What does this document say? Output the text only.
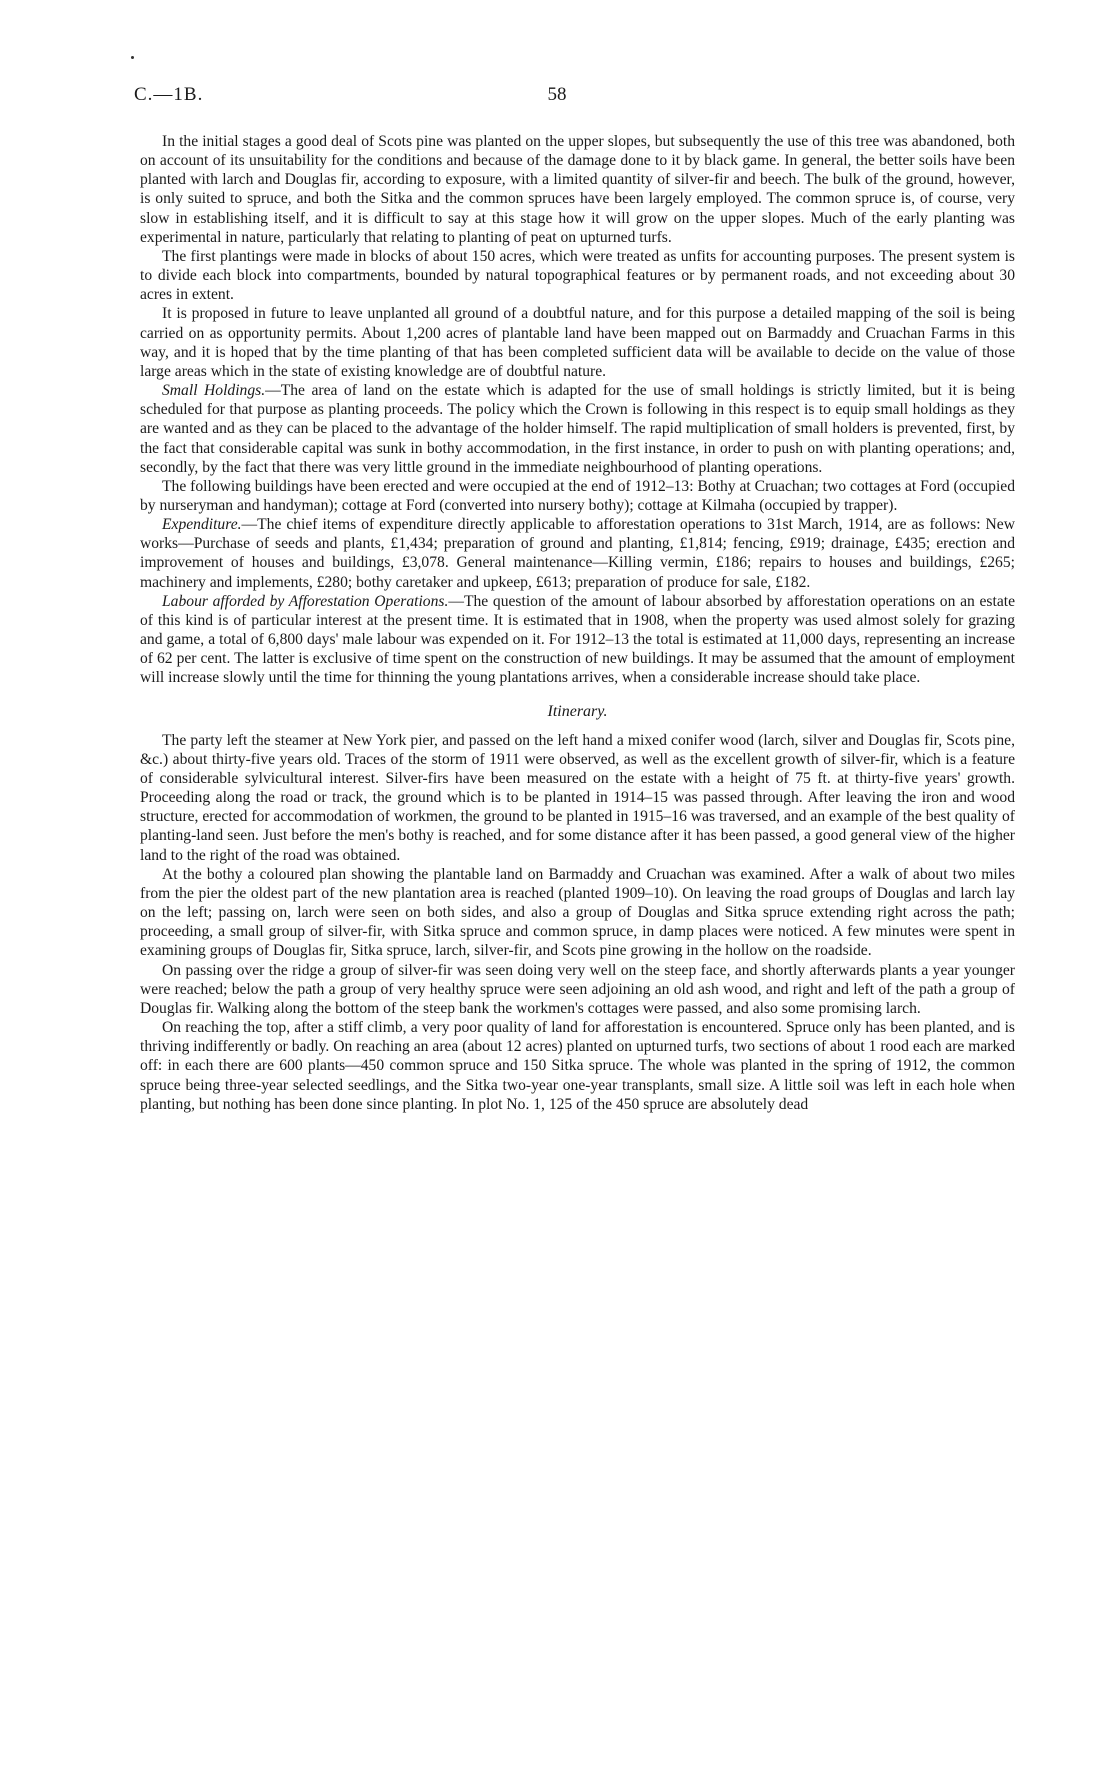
C.—1B.	58

In the initial stages a good deal of Scots pine was planted on the upper slopes, but subsequently the use of this tree was abandoned, both on account of its unsuitability for the conditions and because of the damage done to it by black game. In general, the better soils have been planted with larch and Douglas fir, according to exposure, with a limited quantity of silver-fir and beech. The bulk of the ground, however, is only suited to spruce, and both the Sitka and the common spruces have been largely employed. The common spruce is, of course, very slow in establishing itself, and it is difficult to say at this stage how it will grow on the upper slopes. Much of the early planting was experimental in nature, particularly that relating to planting of peat on upturned turfs.

The first plantings were made in blocks of about 150 acres, which were treated as unfits for accounting purposes. The present system is to divide each block into compartments, bounded by natural topographical features or by permanent roads, and not exceeding about 30 acres in extent.

It is proposed in future to leave unplanted all ground of a doubtful nature, and for this purpose a detailed mapping of the soil is being carried on as opportunity permits. About 1,200 acres of plantable land have been mapped out on Barmaddy and Cruachan Farms in this way, and it is hoped that by the time planting of that has been completed sufficient data will be available to decide on the value of those large areas which in the state of existing knowledge are of doubtful nature.

Small Holdings.—The area of land on the estate which is adapted for the use of small holdings is strictly limited, but it is being scheduled for that purpose as planting proceeds. The policy which the Crown is following in this respect is to equip small holdings as they are wanted and as they can be placed to the advantage of the holder himself. The rapid multiplication of small holders is prevented, first, by the fact that considerable capital was sunk in bothy accommodation, in the first instance, in order to push on with planting operations; and, secondly, by the fact that there was very little ground in the immediate neighbourhood of planting operations.

The following buildings have been erected and were occupied at the end of 1912–13: Bothy at Cruachan; two cottages at Ford (occupied by nurseryman and handyman); cottage at Ford (converted into nursery bothy); cottage at Kilmaha (occupied by trapper).

Expenditure.—The chief items of expenditure directly applicable to afforestation operations to 31st March, 1914, are as follows: New works—Purchase of seeds and plants, £1,434; preparation of ground and planting, £1,814; fencing, £919; drainage, £435; erection and improvement of houses and buildings, £3,078. General maintenance—Killing vermin, £186; repairs to houses and buildings, £265; machinery and implements, £280; bothy caretaker and upkeep, £613; preparation of produce for sale, £182.

Labour afforded by Afforestation Operations.—The question of the amount of labour absorbed by afforestation operations on an estate of this kind is of particular interest at the present time. It is estimated that in 1908, when the property was used almost solely for grazing and game, a total of 6,800 days' male labour was expended on it. For 1912–13 the total is estimated at 11,000 days, representing an increase of 62 per cent. The latter is exclusive of time spent on the construction of new buildings. It may be assumed that the amount of employment will increase slowly until the time for thinning the young plantations arrives, when a considerable increase should take place.

Itinerary.

The party left the steamer at New York pier, and passed on the left hand a mixed conifer wood (larch, silver and Douglas fir, Scots pine, &c.) about thirty-five years old. Traces of the storm of 1911 were observed, as well as the excellent growth of silver-fir, which is a feature of considerable sylvicultural interest. Silver-firs have been measured on the estate with a height of 75 ft. at thirty-five years' growth. Proceeding along the road or track, the ground which is to be planted in 1914–15 was passed through. After leaving the iron and wood structure, erected for accommodation of workmen, the ground to be planted in 1915–16 was traversed, and an example of the best quality of planting-land seen. Just before the men's bothy is reached, and for some distance after it has been passed, a good general view of the higher land to the right of the road was obtained.

At the bothy a coloured plan showing the plantable land on Barmaddy and Cruachan was examined. After a walk of about two miles from the pier the oldest part of the new plantation area is reached (planted 1909–10). On leaving the road groups of Douglas and larch lay on the left; passing on, larch were seen on both sides, and also a group of Douglas and Sitka spruce extending right across the path; proceeding, a small group of silver-fir, with Sitka spruce and common spruce, in damp places were noticed. A few minutes were spent in examining groups of Douglas fir, Sitka spruce, larch, silver-fir, and Scots pine growing in the hollow on the roadside.

On passing over the ridge a group of silver-fir was seen doing very well on the steep face, and shortly afterwards plants a year younger were reached; below the path a group of very healthy spruce were seen adjoining an old ash wood, and right and left of the path a group of Douglas fir. Walking along the bottom of the steep bank the workmen's cottages were passed, and also some promising larch.

On reaching the top, after a stiff climb, a very poor quality of land for afforestation is encountered. Spruce only has been planted, and is thriving indifferently or badly. On reaching an area (about 12 acres) planted on upturned turfs, two sections of about 1 rood each are marked off: in each there are 600 plants—450 common spruce and 150 Sitka spruce. The whole was planted in the spring of 1912, the common spruce being three-year selected seedlings, and the Sitka two-year one-year transplants, small size. A little soil was left in each hole when planting, but nothing has been done since planting. In plot No. 1, 125 of the 450 spruce are absolutely dead
